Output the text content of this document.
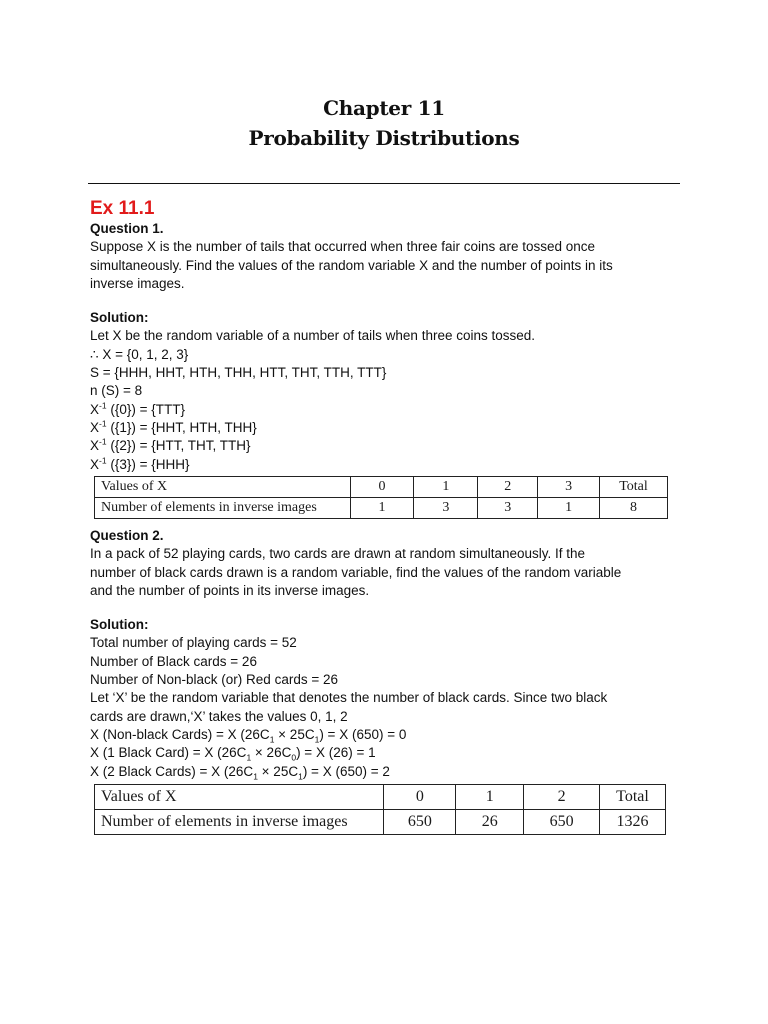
Chapter 11
Probability Distributions
Ex 11.1
Question 1.
Suppose X is the number of tails that occurred when three fair coins are tossed once
simultaneously. Find the values of the random variable X and the number of points in its
inverse images.
Solution:
Let X be the random variable of a number of tails when three coins tossed.
∴ X = {0, 1, 2, 3}
S = {HHH, HHT, HTH, THH, HTT, THT, TTH, TTT}
n (S) = 8
$X^{-1}$ ({0}) = {TTT}
$X^{-1}$ ({1}) = {HHT, HTH, THH}
$X^{-1}$ ({2}) = {HTT, THT, TTH}
$X^{-1}$ ({3}) = {HHH}
Values of X	0	1	2	3	Total
Number of elements in inverse images	1	3	3	1	8
Question 2.
In a pack of 52 playing cards, two cards are drawn at random simultaneously. If the
number of black cards drawn is a random variable, find the values of the random variable
and the number of points in its inverse images.
Solution:
Total number of playing cards = 52
Number of Black cards = 26
Number of Non-black (or) Red cards = 26
Let ‘X’ be the random variable that denotes the number of black cards. Since two black
cards are drawn,‘X’ takes the values 0, 1, 2
X (Non-black Cards) = X $(26C_1 \times 25C_1) = X$ (650) = 0
X (1 Black Card) = X $(26C_1 \times 26C_0) = X$ (26) = 1
X (2 Black Cards) = X $(26C_1 \times 25C_1) = X$ (650) = 2
Values of X	0	1	2	Total
Number of elements in inverse images	650	26	650	1326
